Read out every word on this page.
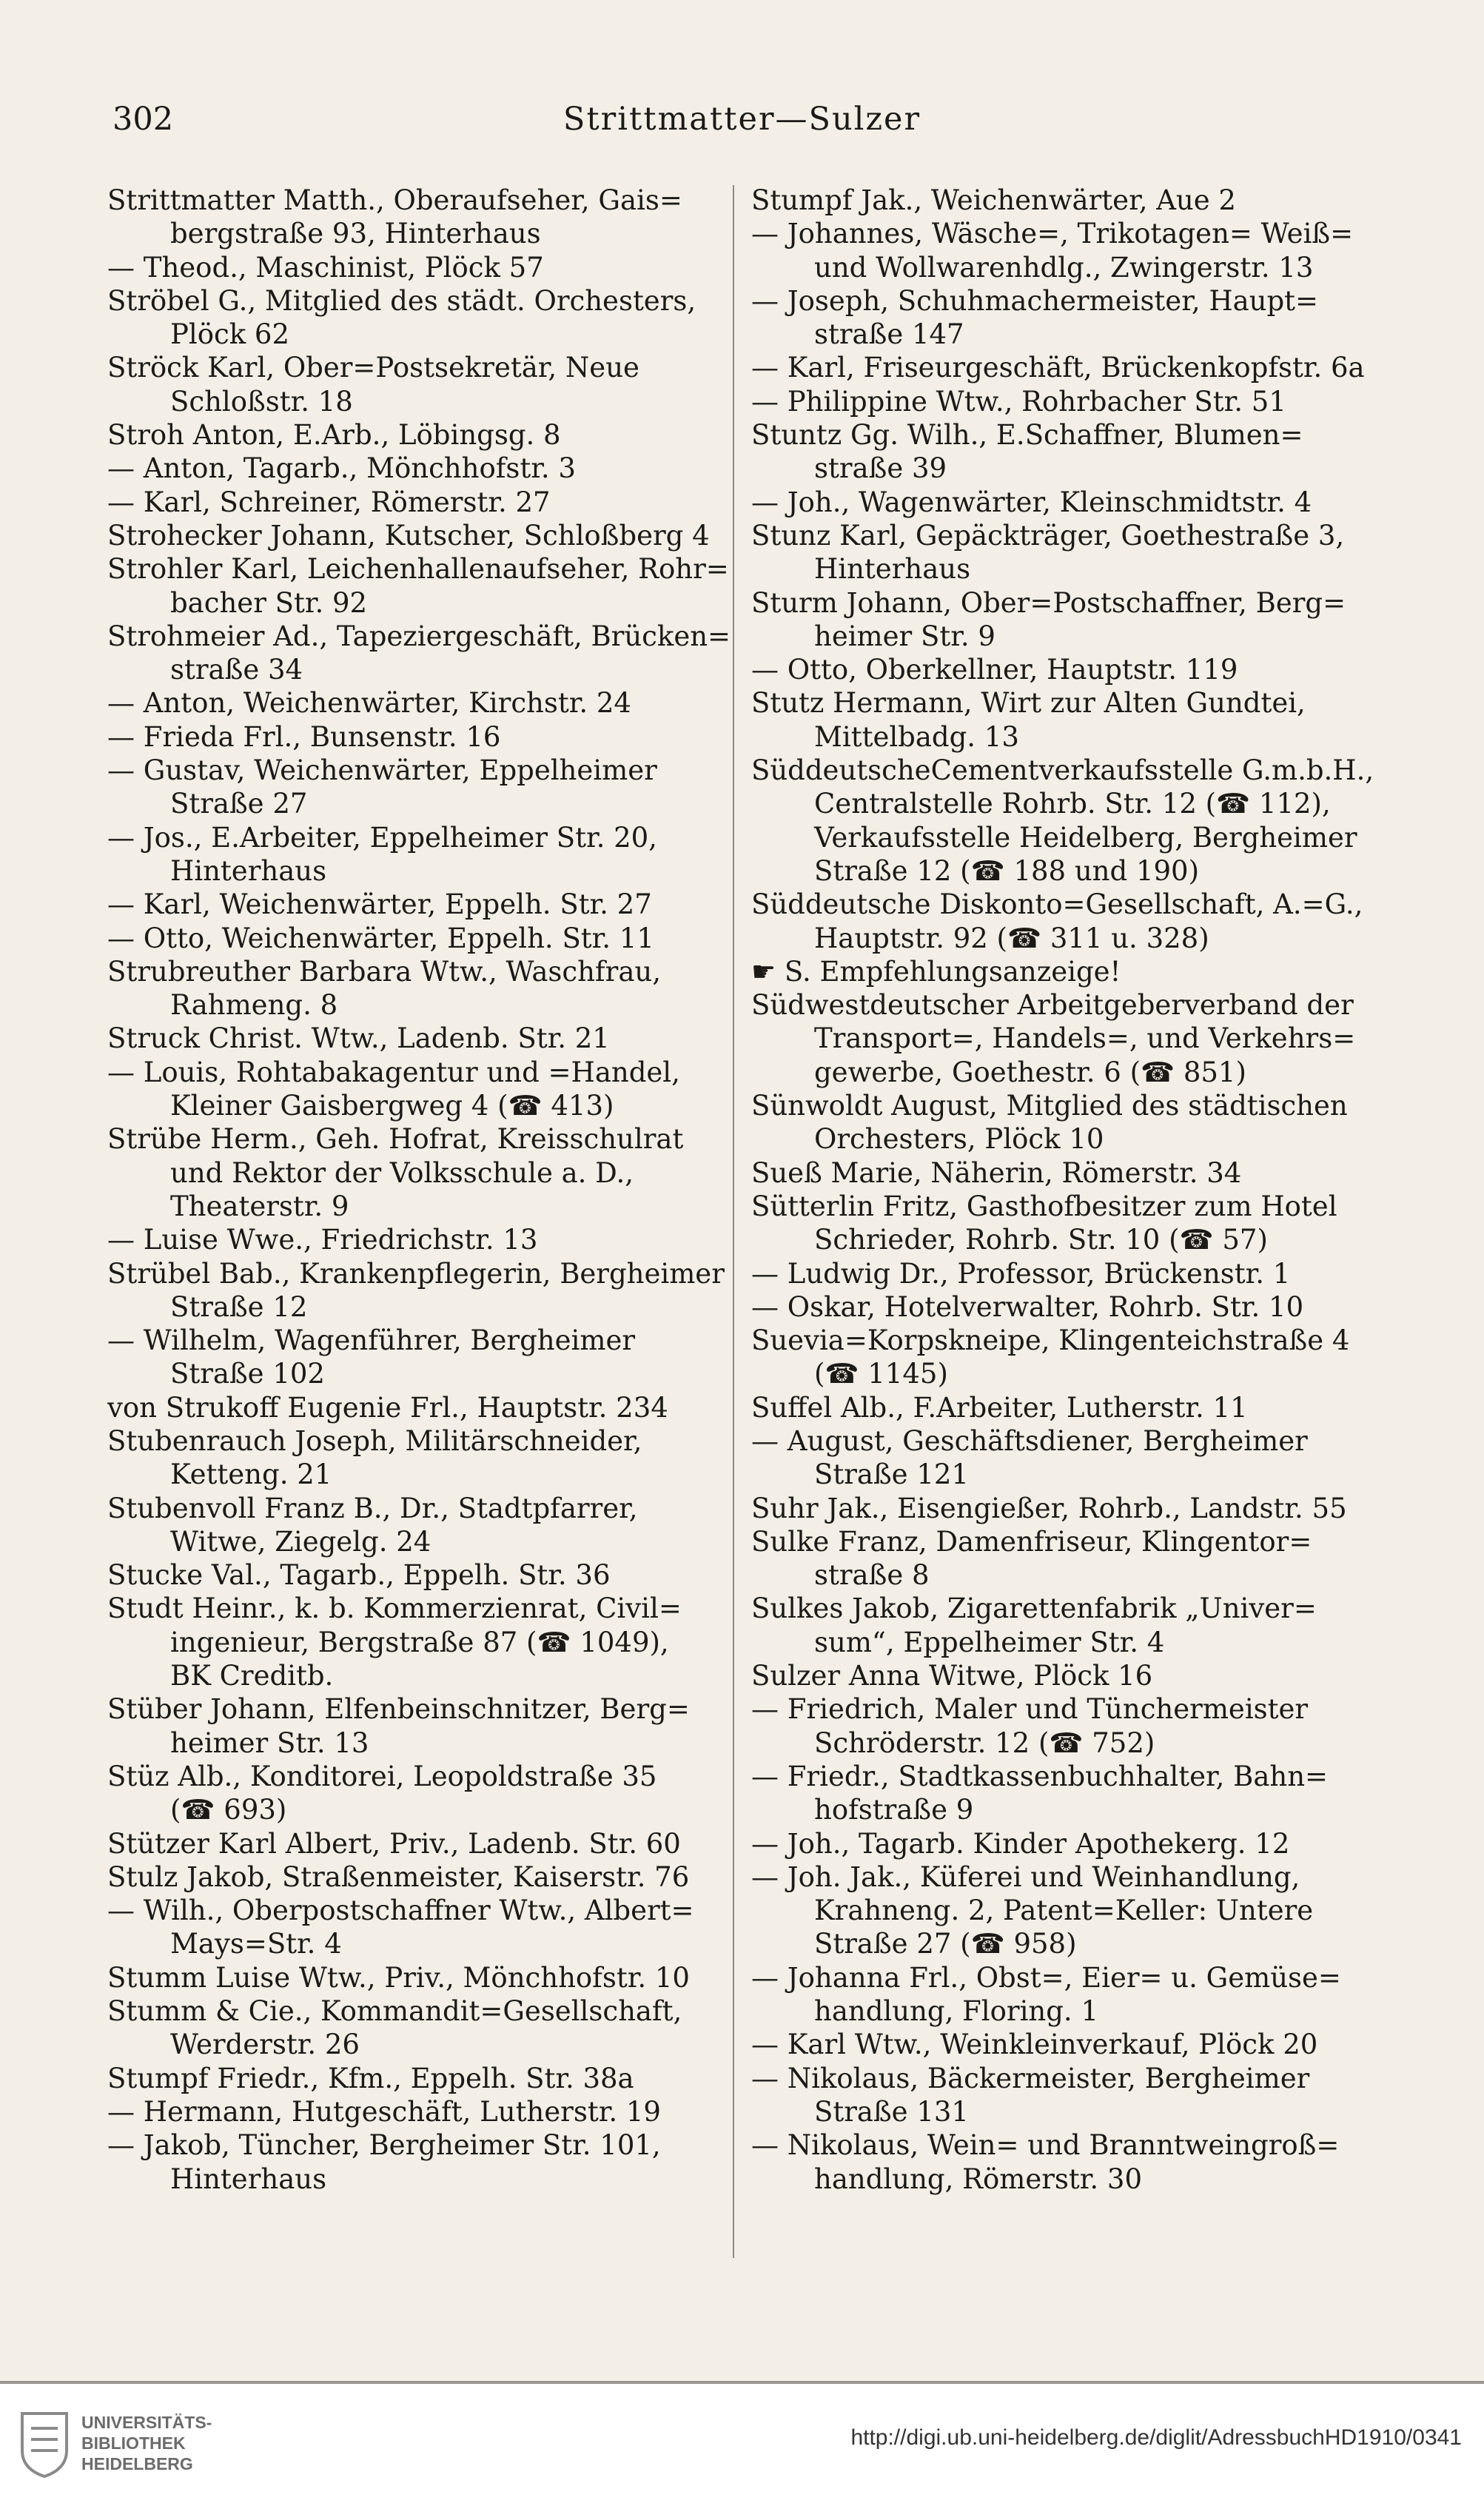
302	Strittmatter—Sulzer
Strittmatter Matth., Oberaufseher, Gais=
bergstraße 93, Hinterhaus
— Theod., Maschinist, Plöck 57
Ströbel G., Mitglied des städt. Orchesters,
Plöck 62
Ströck Karl, Ober=Postsekretär, Neue
Schloßstr. 18
Stroh Anton, E.Arb., Löbingsg. 8
— Anton, Tagarb., Mönchhofstr. 3
— Karl, Schreiner, Römerstr. 27
Strohecker Johann, Kutscher, Schloßberg 4
Strohler Karl, Leichenhallenaufseher, Rohr=
bacher Str. 92
Strohmeier Ad., Tapeziergeschäft, Brücken=
straße 34
— Anton, Weichenwärter, Kirchstr. 24
— Frieda Frl., Bunsenstr. 16
— Gustav, Weichenwärter, Eppelheimer
Straße 27
— Jos., E.Arbeiter, Eppelheimer Str. 20,
Hinterhaus
— Karl, Weichenwärter, Eppelh. Str. 27
— Otto, Weichenwärter, Eppelh. Str. 11
Strubreuther Barbara Wtw., Waschfrau,
Rahmeng. 8
Struck Christ. Wtw., Ladenb. Str. 21
— Louis, Rohtabakagentur und =Handel,
Kleiner Gaisbergweg 4 (☎ 413)
Strübe Herm., Geh. Hofrat, Kreisschulrat
und Rektor der Volksschule a. D.,
Theaterstr. 9
— Luise Wwe., Friedrichstr. 13
Strübel Bab., Krankenpflegerin, Bergheimer
Straße 12
— Wilhelm, Wagenführer, Bergheimer
Straße 102
von Strukoff Eugenie Frl., Hauptstr. 234
Stubenrauch Joseph, Militärschneider,
Ketteng. 21
Stubenvoll Franz B., Dr., Stadtpfarrer,
Witwe, Ziegelg. 24
Stucke Val., Tagarb., Eppelh. Str. 36
Studt Heinr., k. b. Kommerzienrat, Civil=
ingenieur, Bergstraße 87 (☎ 1049),
BK Creditb.
Stüber Johann, Elfenbeinschnitzer, Berg=
heimer Str. 13
Stüz Alb., Konditorei, Leopoldstraße 35
(☎ 693)
Stützer Karl Albert, Priv., Ladenb. Str. 60
Stulz Jakob, Straßenmeister, Kaiserstr. 76
— Wilh., Oberpostschaffner Wtw., Albert=
Mays=Str. 4
Stumm Luise Wtw., Priv., Mönchhofstr. 10
Stumm & Cie., Kommandit=Gesellschaft,
Werderstr. 26
Stumpf Friedr., Kfm., Eppelh. Str. 38a
— Hermann, Hutgeschäft, Lutherstr. 19
— Jakob, Tüncher, Bergheimer Str. 101,
Hinterhaus
Stumpf Jak., Weichenwärter, Aue 2
— Johannes, Wäsche=, Trikotagen= Weiß=
und Wollwarenhdlg., Zwingerstr. 13
— Joseph, Schuhmachermeister, Haupt=
straße 147
— Karl, Friseurgeschäft, Brückenkopfstr. 6a
— Philippine Wtw., Rohrbacher Str. 51
Stuntz Gg. Wilh., E.Schaffner, Blumen=
straße 39
— Joh., Wagenwärter, Kleinschmidtstr. 4
Stunz Karl, Gepäckträger, Goethestraße 3,
Hinterhaus
Sturm Johann, Ober=Postschaffner, Berg=
heimer Str. 9
— Otto, Oberkellner, Hauptstr. 119
Stutz Hermann, Wirt zur Alten Gundtei,
Mittelbadg. 13
SüddeutscheCementverkaufsstelle G.m.b.H.,
Centralstelle Rohrb. Str. 12 (☎ 112),
Verkaufsstelle Heidelberg, Bergheimer
Straße 12 (☎ 188 und 190)
Süddeutsche Diskonto=Gesellschaft, A.=G.,
Hauptstr. 92 (☎ 311 u. 328)
☛ S. Empfehlungsanzeige!
Südwestdeutscher Arbeitgeberverband der
Transport=, Handels=, und Verkehrs=
gewerbe, Goethestr. 6 (☎ 851)
Sünwoldt August, Mitglied des städtischen
Orchesters, Plöck 10
Sueß Marie, Näherin, Römerstr. 34
Sütterlin Fritz, Gasthofbesitzer zum Hotel
Schrieder, Rohrb. Str. 10 (☎ 57)
— Ludwig Dr., Professor, Brückenstr. 1
— Oskar, Hotelverwalter, Rohrb. Str. 10
Suevia=Korpskneipe, Klingenteichstraße 4
(☎ 1145)
Suffel Alb., F.Arbeiter, Lutherstr. 11
— August, Geschäftsdiener, Bergheimer
Straße 121
Suhr Jak., Eisengießer, Rohrb., Landstr. 55
Sulke Franz, Damenfriseur, Klingentor=
straße 8
Sulkes Jakob, Zigarettenfabrik „Univer=
sum“, Eppelheimer Str. 4
Sulzer Anna Witwe, Plöck 16
— Friedrich, Maler und Tünchermeister
Schröderstr. 12 (☎ 752)
— Friedr., Stadtkassenbuchhalter, Bahn=
hofstraße 9
— Joh., Tagarb. Kinder Apothekerg. 12
— Joh. Jak., Küferei und Weinhandlung,
Krahneng. 2, Patent=Keller: Untere
Straße 27 (☎ 958)
— Johanna Frl., Obst=, Eier= u. Gemüse=
handlung, Floring. 1
— Karl Wtw., Weinkleinverkauf, Plöck 20
— Nikolaus, Bäckermeister, Bergheimer
Straße 131
— Nikolaus, Wein= und Branntweingroß=
handlung, Römerstr. 30
UNIVERSITÄTS-
BIBLIOTHEK
HEIDELBERG
http://digi.ub.uni-heidelberg.de/diglit/AdressbuchHD1910/0341
